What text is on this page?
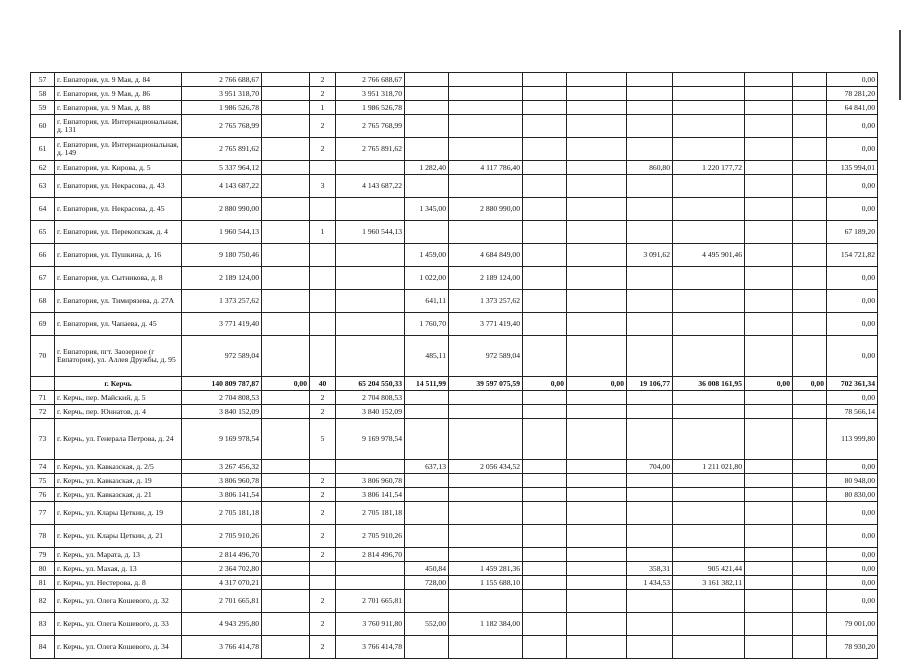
57	г. Евпатория, ул. 9 Мая, д. 84	2 766 688,67		2	2 766 688,67									0,00
58	г. Евпатория, ул. 9 Мая, д. 86	3 951 318,70		2	3 951 318,70									78 281,20
59	г. Евпатория, ул. 9 Мая, д. 88	1 986 526,78		1	1 986 526,78									64 841,00
60	г. Евпатория, ул. Интернациональная, д. 131	2 765 768,99		2	2 765 768,99									0,00
61	г. Евпатория, ул. Интернациональная, д. 149	2 765 891,62		2	2 765 891,62									0,00
62	г. Евпатория, ул. Кирова, д. 5	5 337 964,12				1 282,40	4 117 786,40			860,80	1 220 177,72			135 994,01
63	г. Евпатория, ул. Некрасова, д. 43	4 143 687,22		3	4 143 687,22									0,00
64	г. Евпатория, ул. Некрасова, д. 45	2 880 990,00				1 345,00	2 880 990,00							0,00
65	г. Евпатория, ул. Перекопская, д. 4	1 960 544,13		1	1 960 544,13									67 189,20
66	г. Евпатория, ул. Пушкина, д. 16	9 180 750,46				1 459,00	4 684 849,00			3 091,62	4 495 901,46			154 721,82
67	г. Евпатория, ул. Сытникова, д. 8	2 189 124,00				1 022,00	2 189 124,00							0,00
68	г. Евпатория, ул. Тимирязева, д. 27А	1 373 257,62				641,11	1 373 257,62							0,00
69	г. Евпатория, ул. Чапаева, д. 45	3 771 419,40				1 760,70	3 771 419,40							0,00
70	г. Евпатория, пгт. Заозерное (г Евпатория), ул. Аллея Дружбы, д. 95	972 589,04				485,11	972 589,04							0,00
	г. Керчь	140 809 787,87	0,00	40	65 204 550,33	14 511,99	39 597 075,59	0,00	0,00	19 106,77	36 008 161,95	0,00	0,00	702 361,34
71	г. Керчь, пер. Майский, д. 5	2 704 808,53		2	2 704 808,53									0,00
72	г. Керчь, пер. Юннатов, д. 4	3 840 152,09		2	3 840 152,09									78 566,14
73	г. Керчь, ул. Генерала Петрова, д. 24	9 169 978,54		5	9 169 978,54									113 999,80
74	г. Керчь, ул. Кавказская, д. 2/5	3 267 456,32				637,13	2 056 434,52			704,00	1 211 021,80			0,00
75	г. Керчь, ул. Кавказская, д. 19	3 806 960,78		2	3 806 960,78									80 948,00
76	г. Керчь, ул. Кавказская, д. 21	3 806 141,54		2	3 806 141,54									80 830,00
77	г. Керчь, ул. Клары Цеткин, д. 19	2 705 181,18		2	2 705 181,18									0,00
78	г. Керчь, ул. Клары Цеткин, д. 21	2 705 910,26		2	2 705 910,26									0,00
79	г. Керчь, ул. Марата, д. 13	2 814 496,70		2	2 814 496,70									0,00
80	г. Керчь, ул. Махая, д. 13	2 364 702,80				450,84	1 459 281,36			358,31	905 421,44			0,00
81	г. Керчь, ул. Нестерова, д. 8	4 317 070,21				728,00	1 155 688,10			1 434,53	3 161 382,11			0,00
82	г. Керчь, ул. Олега Кошевого, д. 32	2 701 665,81		2	2 701 665,81									0,00
83	г. Керчь, ул. Олега Кошевого, д. 33	4 943 295,80		2	3 760 911,80	552,00	1 182 384,00							79 001,00
84	г. Керчь, ул. Олега Кошевого, д. 34	3 766 414,78		2	3 766 414,78									78 930,20
